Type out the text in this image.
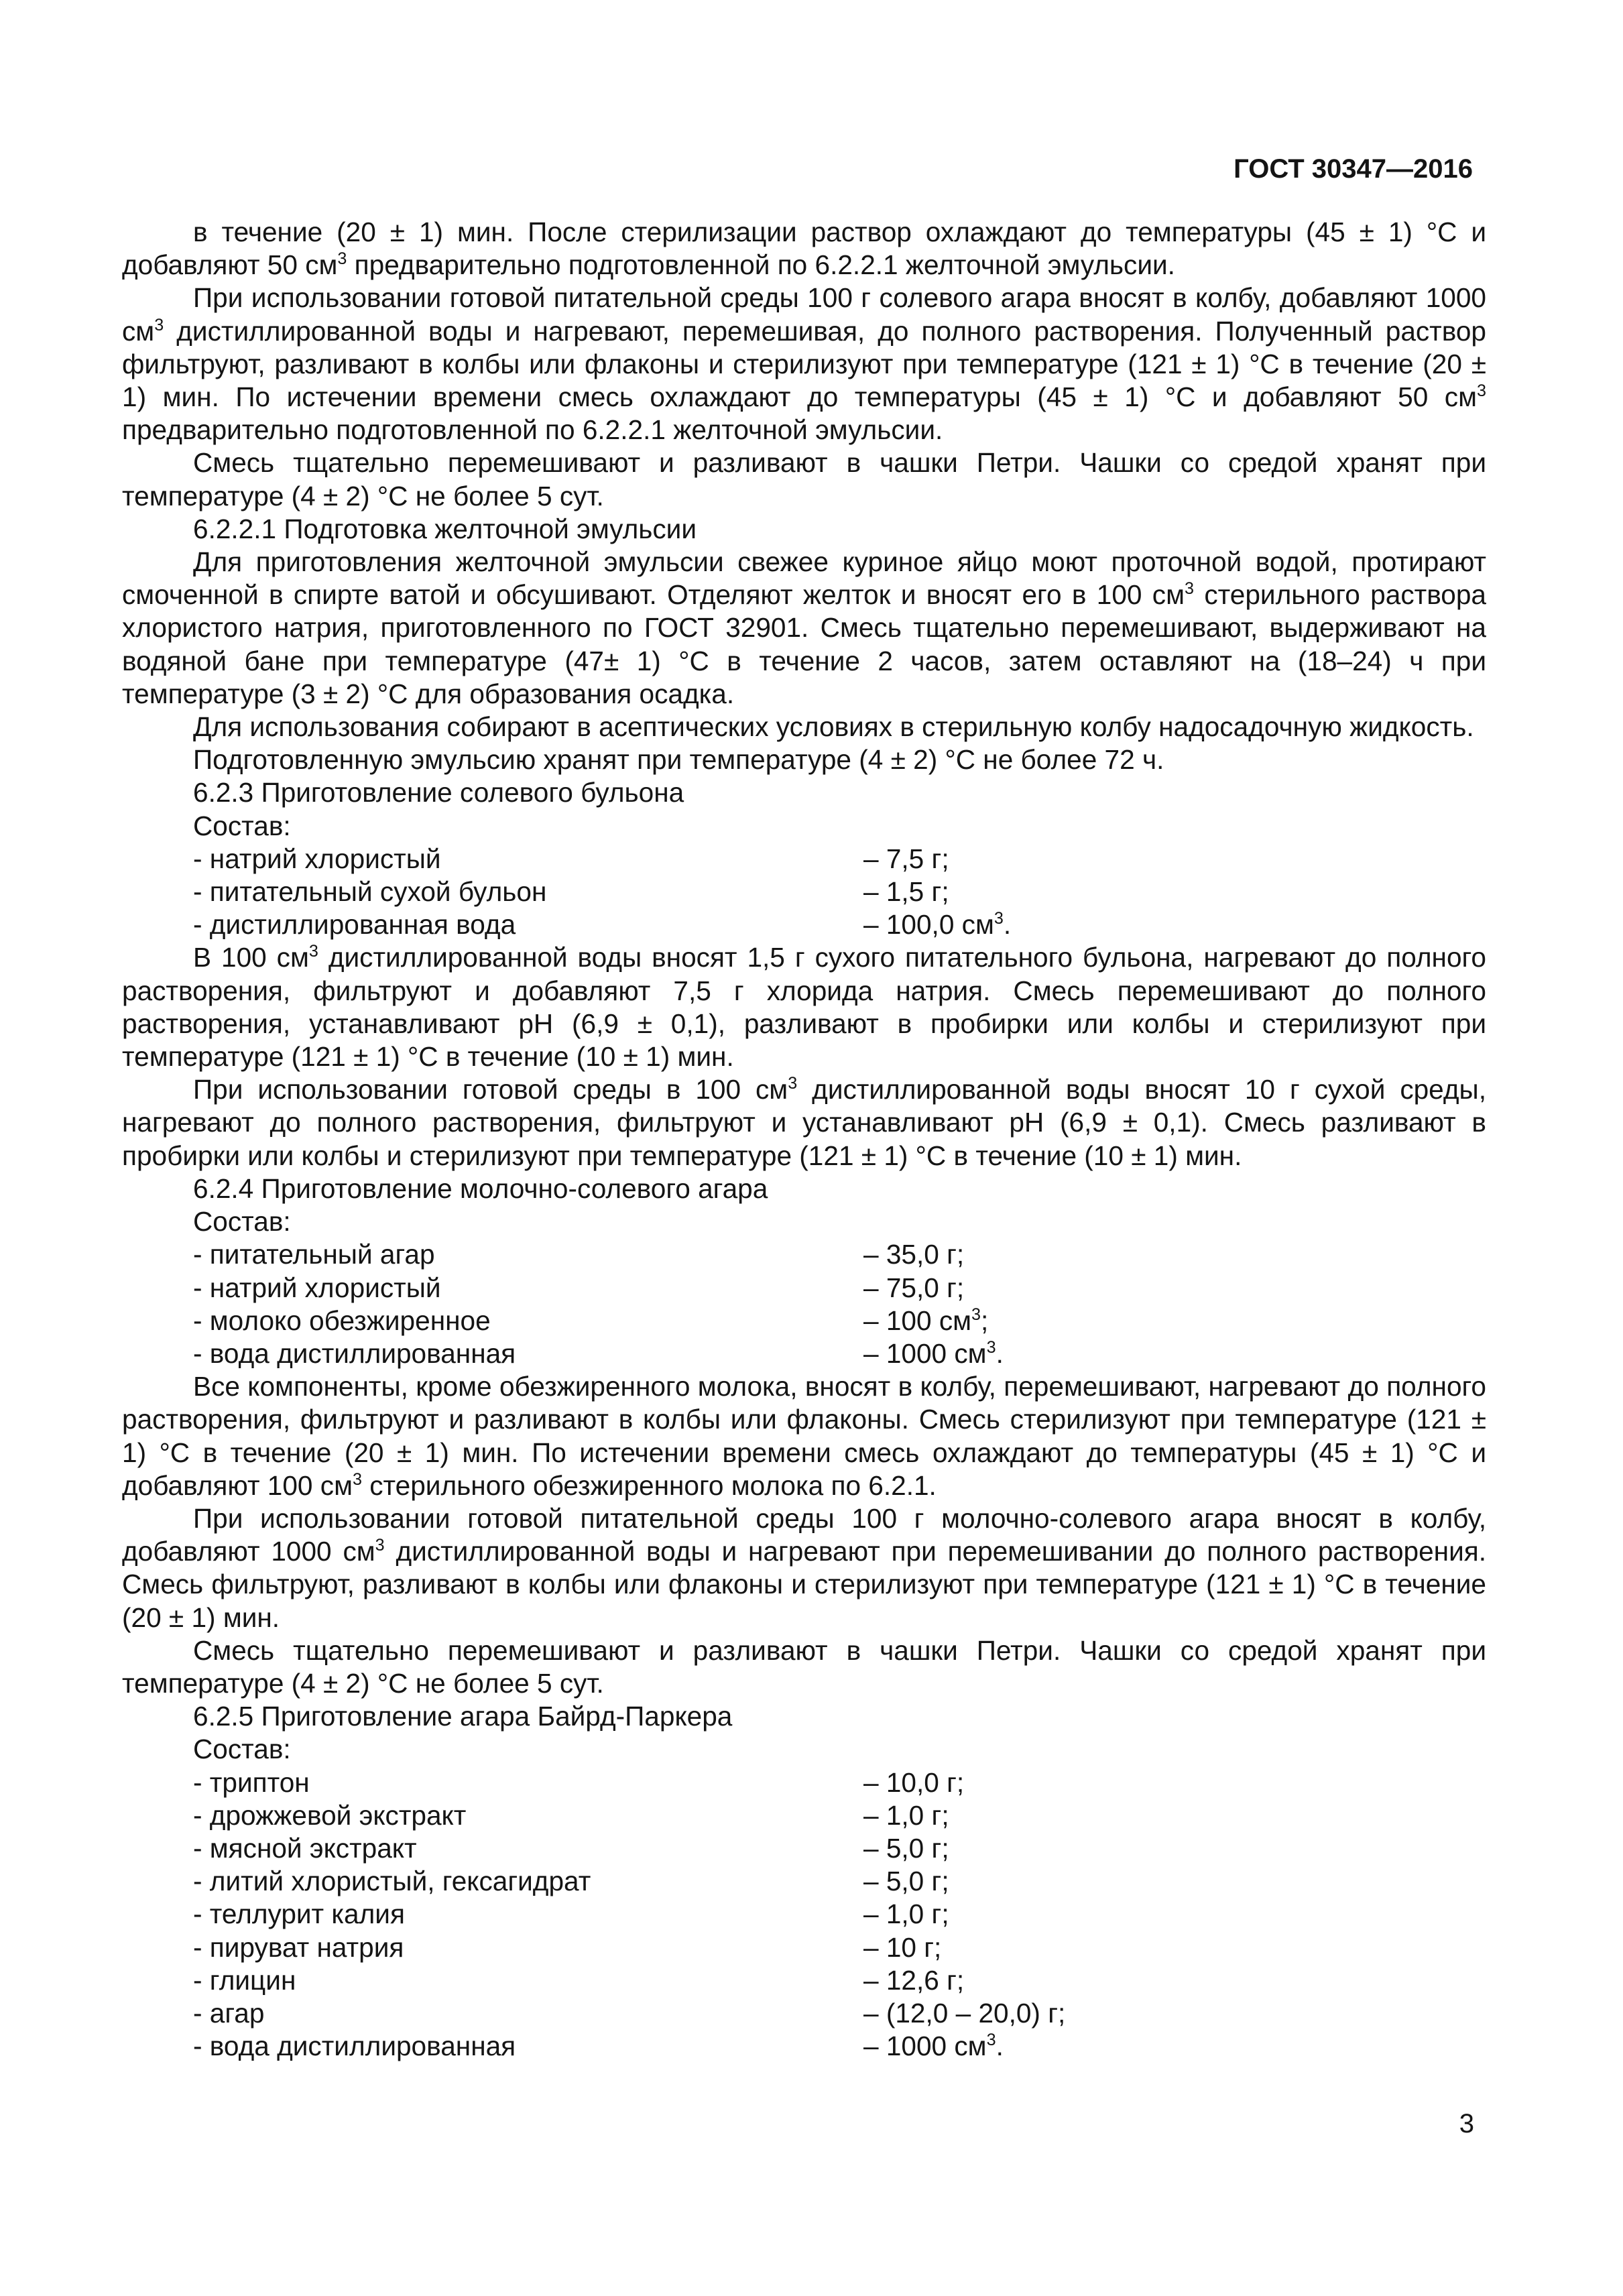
ГОСТ 30347—2016

в течение (20 ± 1) мин. После стерилизации раствор охлаждают до температуры (45 ± 1) °С и добавляют 50 $см^3$ предварительно подготовленной по 6.2.2.1 желточной эмульсии.

При использовании готовой питательной среды 100 г солевого агара вносят в колбу, добавляют 1000 $см^3$ дистиллированной воды и нагревают, перемешивая, до полного растворения. Полученный раствор фильтруют, разливают в колбы или флаконы и стерилизуют при температуре (121 ± 1) °С в течение (20 ± 1) мин. По истечении времени смесь охлаждают до температуры (45 ± 1) °С и добавляют 50 $см^3$ предварительно подготовленной по 6.2.2.1 желточной эмульсии.

Смесь тщательно перемешивают и разливают в чашки Петри. Чашки со средой хранят при температуре (4 ± 2) °С не более 5 сут.

6.2.2.1 Подготовка желточной эмульсии

Для приготовления желточной эмульсии свежее куриное яйцо моют проточной водой, протирают смоченной в спирте ватой и обсушивают. Отделяют желток и вносят его в 100 $см^3$ стерильного раствора хлористого натрия, приготовленного по ГОСТ 32901. Смесь тщательно перемешивают, выдерживают на водяной бане при температуре (47± 1) °С в течение 2 часов, затем оставляют на (18–24) ч при температуре (3 ± 2) °С для образования осадка.

Для использования собирают в асептических условиях в стерильную колбу надосадочную жидкость.

Подготовленную эмульсию хранят при температуре (4 ± 2) °С не более 72 ч.

6.2.3 Приготовление солевого бульона

Состав:

- натрий хлористый	– 7,5 г;
- питательный сухой бульон	– 1,5 г;
- дистиллированная вода	– 100,0 $см^3$.

В 100 $см^3$ дистиллированной воды вносят 1,5 г сухого питательного бульона, нагревают до полного растворения, фильтруют и добавляют 7,5 г хлорида натрия. Смесь перемешивают до полного растворения, устанавливают рН (6,9 ± 0,1), разливают в пробирки или колбы и стерилизуют при температуре (121 ± 1) °С в течение (10 ± 1) мин.

При использовании готовой среды в 100 $см^3$ дистиллированной воды вносят 10 г сухой среды, нагревают до полного растворения, фильтруют и устанавливают рН (6,9 ± 0,1). Смесь разливают в пробирки или колбы и стерилизуют при температуре (121 ± 1) °С в течение (10 ± 1) мин.

6.2.4 Приготовление молочно-солевого агара

Состав:

- питательный агар	– 35,0 г;
- натрий хлористый	– 75,0 г;
- молоко обезжиренное	– 100 $см^3$;
- вода дистиллированная	– 1000 $см^3$.

Все компоненты, кроме обезжиренного молока, вносят в колбу, перемешивают, нагревают до полного растворения, фильтруют и разливают в колбы или флаконы. Смесь стерилизуют при температуре (121 ± 1) °С в течение (20 ± 1) мин. По истечении времени смесь охлаждают до температуры (45 ± 1) °С и добавляют 100 $см^3$ стерильного обезжиренного молока по 6.2.1.

При использовании готовой питательной среды 100 г молочно-солевого агара вносят в колбу, добавляют 1000 $см^3$ дистиллированной воды и нагревают при перемешивании до полного растворения. Смесь фильтруют, разливают в колбы или флаконы и стерилизуют при температуре (121 ± 1) °С в течение (20 ± 1) мин.

Смесь тщательно перемешивают и разливают в чашки Петри. Чашки со средой хранят при температуре (4 ± 2) °С не более 5 сут.

6.2.5 Приготовление агара Байрд-Паркера

Состав:

- триптон	– 10,0 г;
- дрожжевой экстракт	– 1,0 г;
- мясной экстракт	– 5,0 г;
- литий хлористый, гексагидрат	– 5,0 г;
- теллурит калия	– 1,0 г;
- пируват натрия	– 10 г;
- глицин	– 12,6 г;
- агар	– (12,0 – 20,0) г;
- вода дистиллированная	– 1000 $см^3$.
3
